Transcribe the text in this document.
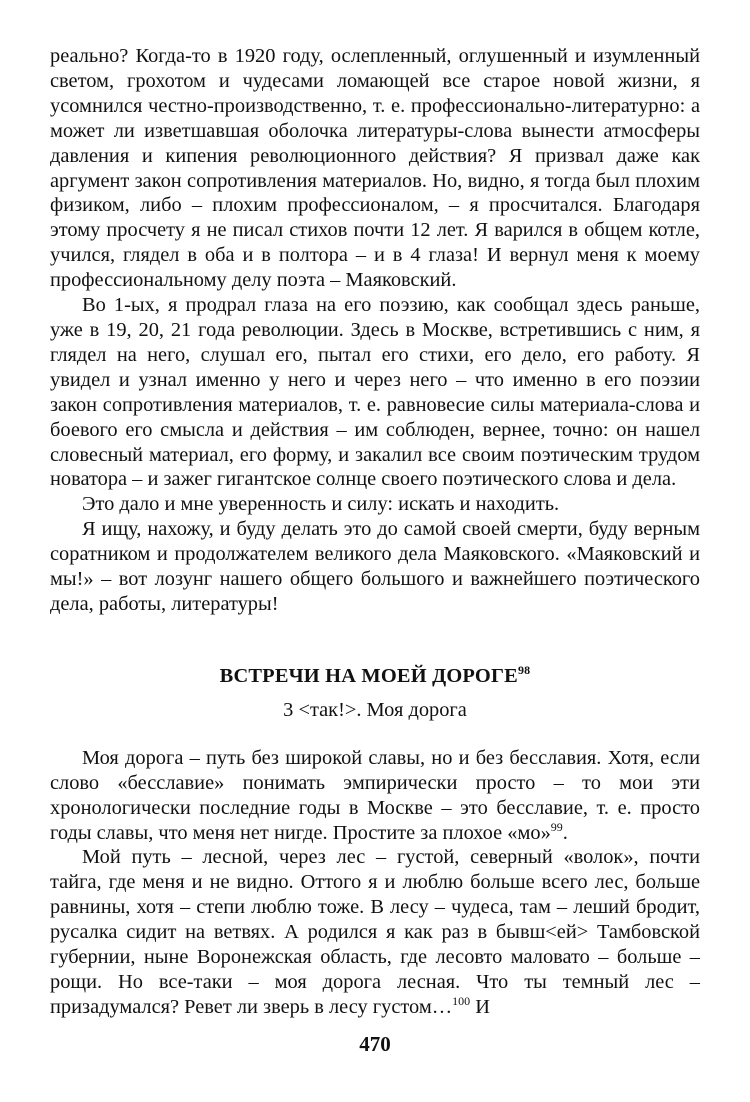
реально? Когда-то в 1920 году, ослепленный, оглушенный и изумленный светом, грохотом и чудесами ломающей все старое новой жизни, я усомнился честно-производственно, т. е. профессионально-литературно: а может ли изветшавшая оболочка литературы-слова вынести атмосферы давления и кипения революционного действия? Я призвал даже как аргумент закон сопротивления материалов. Но, видно, я тогда был плохим физиком, либо – плохим профессионалом, – я просчитался. Благодаря этому просчету я не писал стихов почти 12 лет. Я варился в общем котле, учился, глядел в оба и в полтора – и в 4 глаза! И вернул меня к моему профессиональному делу поэта – Маяковский.

Во 1-ых, я продрал глаза на его поэзию, как сообщал здесь раньше, уже в 19, 20, 21 года революции. Здесь в Москве, встретившись с ним, я глядел на него, слушал его, пытал его стихи, его дело, его работу. Я увидел и узнал именно у него и через него – что именно в его поэзии закон сопротивления материалов, т. е. равновесие силы материала-слова и боевого его смысла и действия – им соблюден, вернее, точно: он нашел словесный материал, его форму, и закалил все своим поэтическим трудом новатора – и зажег гигантское солнце своего поэтического слова и дела.

Это дало и мне уверенность и силу: искать и находить.

Я ищу, нахожу, и буду делать это до самой своей смерти, буду верным соратником и продолжателем великого дела Маяковского. «Маяковский и мы!» – вот лозунг нашего общего большого и важнейшего поэтического дела, работы, литературы!

ВСТРЕЧИ НА МОЕЙ ДОРОГЕ$^{98}$
3 <так!>. Моя дорога

Моя дорога – путь без широкой славы, но и без бесславия. Хотя, если слово «бесславие» понимать эмпирически просто – то мои эти хронологически последние годы в Москве – это бесславие, т. е. просто годы славы, что меня нет нигде. Простите за плохое «мо»$^{99}$.

Мой путь – лесной, через лес – густой, северный «волок», почти тайга, где меня и не видно. Оттого я и люблю больше всего лес, больше равнины, хотя – степи люблю тоже. В лесу – чудеса, там – леший бродит, русалка сидит на ветвях. А родился я как раз в бывш<ей> Тамбовской губернии, ныне Воронежская область, где лесовто маловато – больше – рощи. Но все-таки – моя дорога лесная. Что ты темный лес – призадумался? Ревет ли зверь в лесу густом…$^{100}$ И

470
